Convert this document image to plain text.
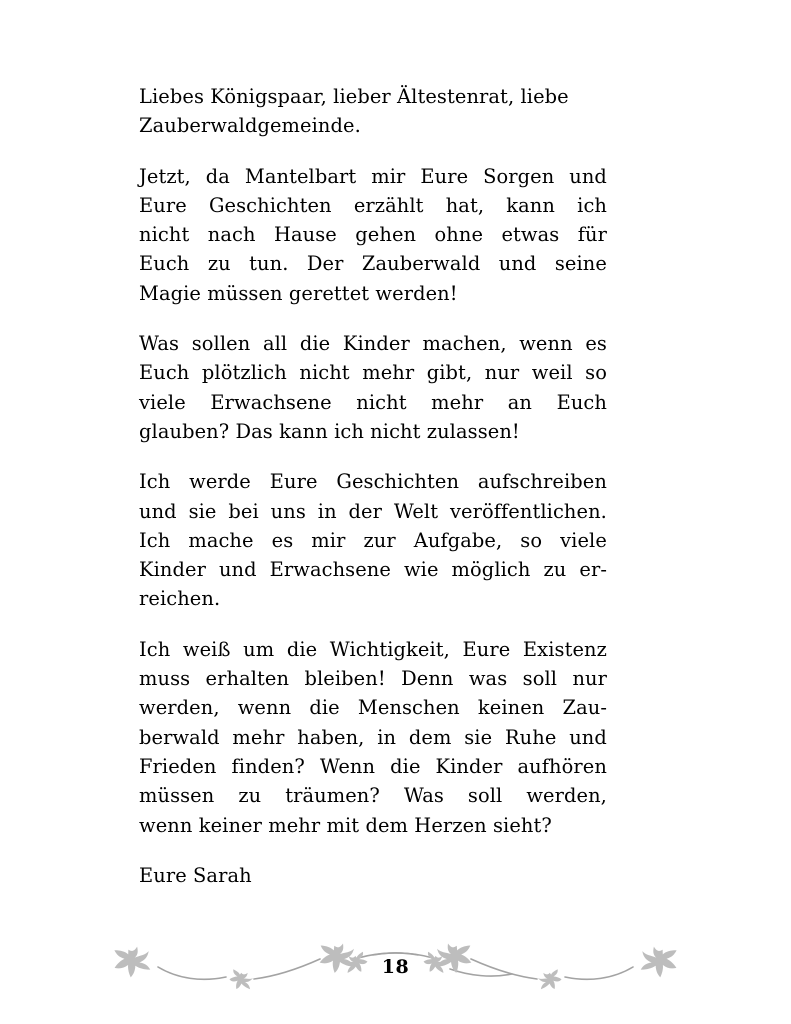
Liebes Königspaar, lieber Ältestenrat, liebe
Zauberwaldgemeinde.

Jetzt, da Mantelbart mir Eure Sorgen und
Eure Geschichten erzählt hat, kann ich
nicht nach Hause gehen ohne etwas für
Euch zu tun. Der Zauberwald und seine
Magie müssen gerettet werden!

Was sollen all die Kinder machen, wenn es
Euch plötzlich nicht mehr gibt, nur weil so
viele Erwachsene nicht mehr an Euch
glauben? Das kann ich nicht zulassen!

Ich werde Eure Geschichten aufschreiben
und sie bei uns in der Welt veröffentlichen.
Ich mache es mir zur Aufgabe, so viele
Kinder und Erwachsene wie möglich zu er-
reichen.

Ich weiß um die Wichtigkeit, Eure Existenz
muss erhalten bleiben! Denn was soll nur
werden, wenn die Menschen keinen Zau-
berwald mehr haben, in dem sie Ruhe und
Frieden finden? Wenn die Kinder aufhören
müssen zu träumen? Was soll werden,
wenn keiner mehr mit dem Herzen sieht?

Eure Sarah

18
